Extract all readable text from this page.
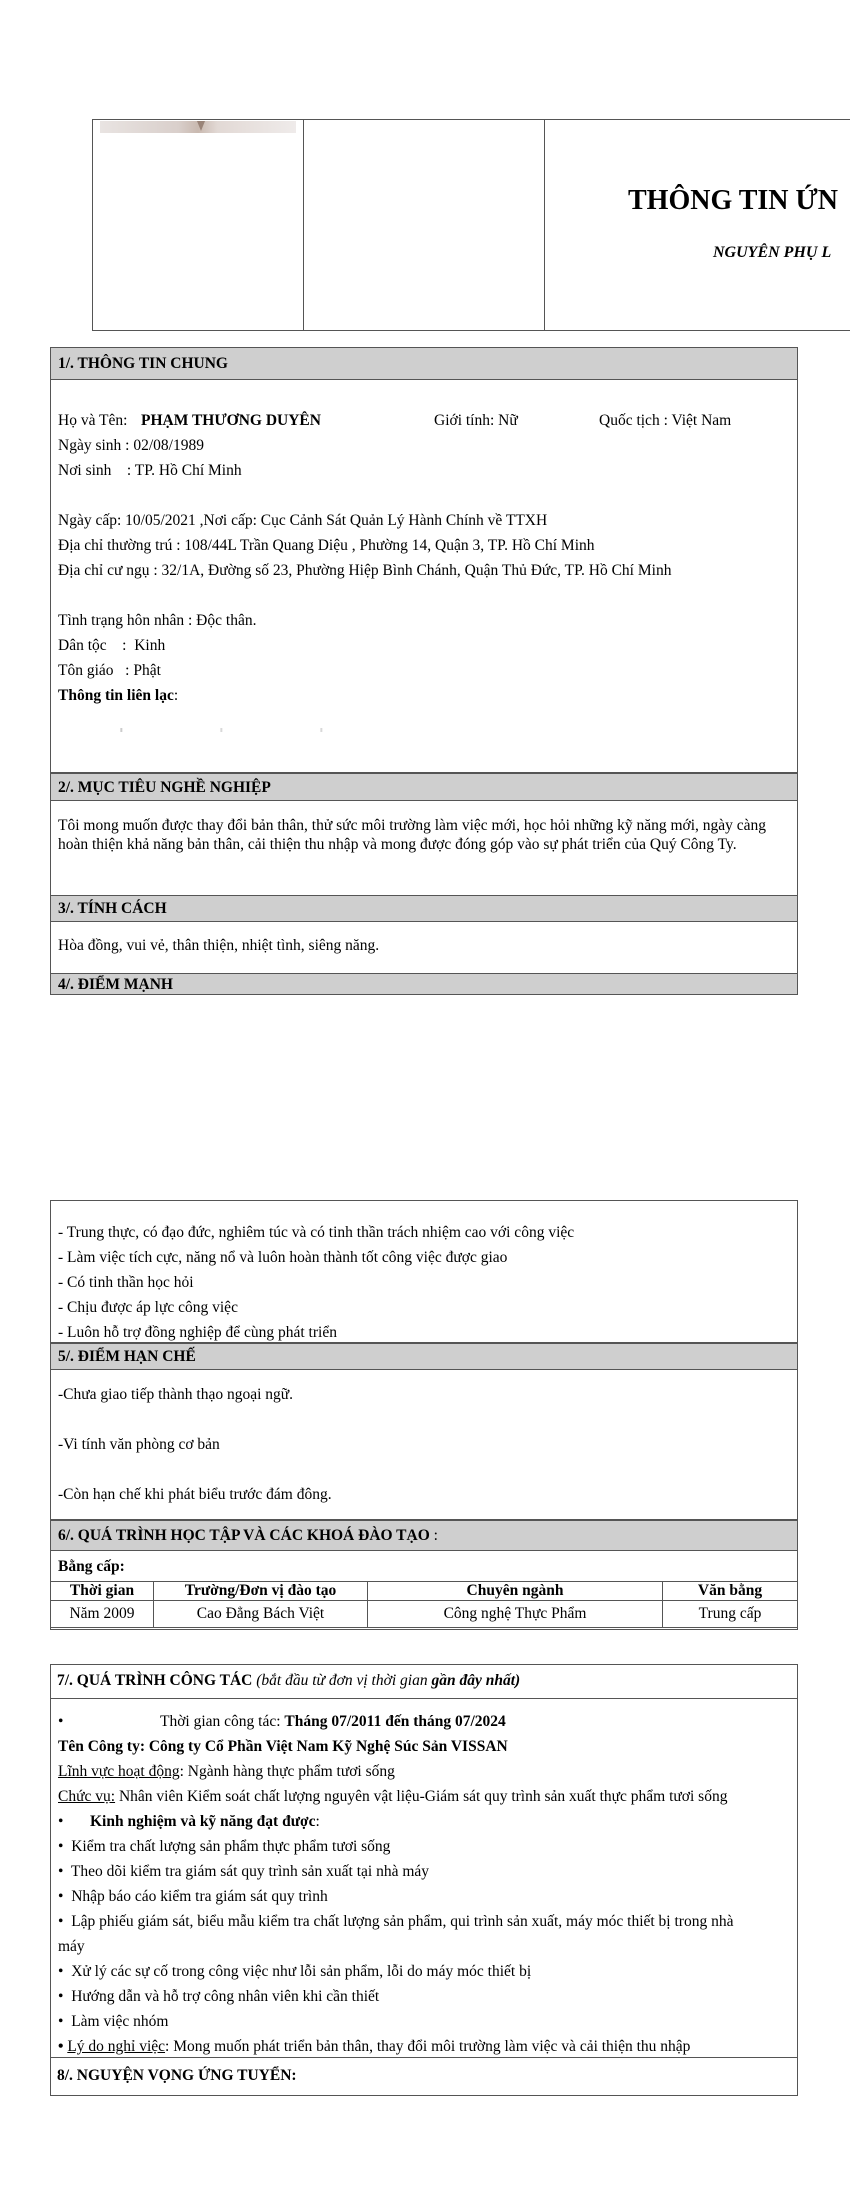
THÔNG TIN ỨN
NGUYÊN PHỤ L
1/. THÔNG TIN CHUNG
Họ và Tên: PHẠM THƯƠNG DUYÊN	Giới tính: Nữ	Quốc tịch : Việt Nam
Ngày sinh : 02/08/1989
Nơi sinh    : TP. Hồ Chí Minh
Ngày cấp: 10/05/2021 ,Nơi cấp: Cục Cảnh Sát Quản Lý Hành Chính về TTXH
Địa chỉ thường trú : 108/44L Trần Quang Diệu , Phường 14, Quận 3, TP. Hồ Chí Minh
Địa chỉ cư ngụ : 32/1A, Đường số 23, Phường Hiệp Bình Chánh, Quận Thủ Đức, TP. Hồ Chí Minh
Tình trạng hôn nhân : Độc thân.
Dân tộc    :  Kinh
Tôn giáo   : Phật
Thông tin liên lạc:
2/. MỤC TIÊU NGHỀ NGHIỆP
Tôi mong muốn được thay đổi bản thân, thử sức môi trường làm việc mới, học hỏi những kỹ năng mới, ngày càng hoàn thiện khả năng bản thân, cải thiện thu nhập và mong được đóng góp vào sự phát triển của Quý Công Ty.
3/. TÍNH CÁCH
Hòa đồng, vui vẻ, thân thiện, nhiệt tình, siêng năng.
4/. ĐIỂM MẠNH
- Trung thực, có đạo đức, nghiêm túc và có tinh thần trách nhiệm cao với công việc
- Làm việc tích cực, năng nổ và luôn hoàn thành tốt công việc được giao
- Có tinh thần học hỏi
- Chịu được áp lực công việc
- Luôn hỗ trợ đồng nghiệp để cùng phát triển
5/. ĐIỂM HẠN CHẾ
-Chưa giao tiếp thành thạo ngoại ngữ.
-Vi tính văn phòng cơ bản
-Còn hạn chế khi phát biểu trước đám đông.
6/. QUÁ TRÌNH HỌC TẬP VÀ CÁC KHOÁ ĐÀO TẠO :
Bằng cấp:
Thời gian	Trường/Đơn vị đào tạo	Chuyên ngành	Văn bằng
Năm 2009	Cao Đẳng Bách Việt	Công nghệ Thực Phẩm	Trung cấp
7/. QUÁ TRÌNH CÔNG TÁC (bắt đầu từ đơn vị thời gian gần đây nhất)
•	Thời gian công tác: Tháng 07/2011 đến tháng 07/2024
Tên Công ty: Công ty Cổ Phần Việt Nam Kỹ Nghệ Súc Sản VISSAN
Lĩnh vực hoạt động: Ngành hàng thực phẩm tươi sống
Chức vụ: Nhân viên Kiểm soát chất lượng nguyên vật liệu-Giám sát quy trình sản xuất thực phẩm tươi sống
• Kinh nghiệm và kỹ năng đạt được:
•  Kiểm tra chất lượng sản phẩm thực phẩm tươi sống
•  Theo dõi kiểm tra giám sát quy trình sản xuất tại nhà máy
•  Nhập báo cáo kiểm tra giám sát quy trình
•  Lập phiếu giám sát, biểu mẫu kiểm tra chất lượng sản phẩm, qui trình sản xuất, máy móc thiết bị trong nhà
máy
•  Xử lý các sự cố trong công việc như lỗi sản phẩm, lỗi do máy móc thiết bị
•  Hướng dẫn và hỗ trợ công nhân viên khi cần thiết
•  Làm việc nhóm
• Lý do nghỉ việc: Mong muốn phát triển bản thân, thay đổi môi trường làm việc và cải thiện thu nhập
8/. NGUYỆN VỌNG ỨNG TUYỂN:
